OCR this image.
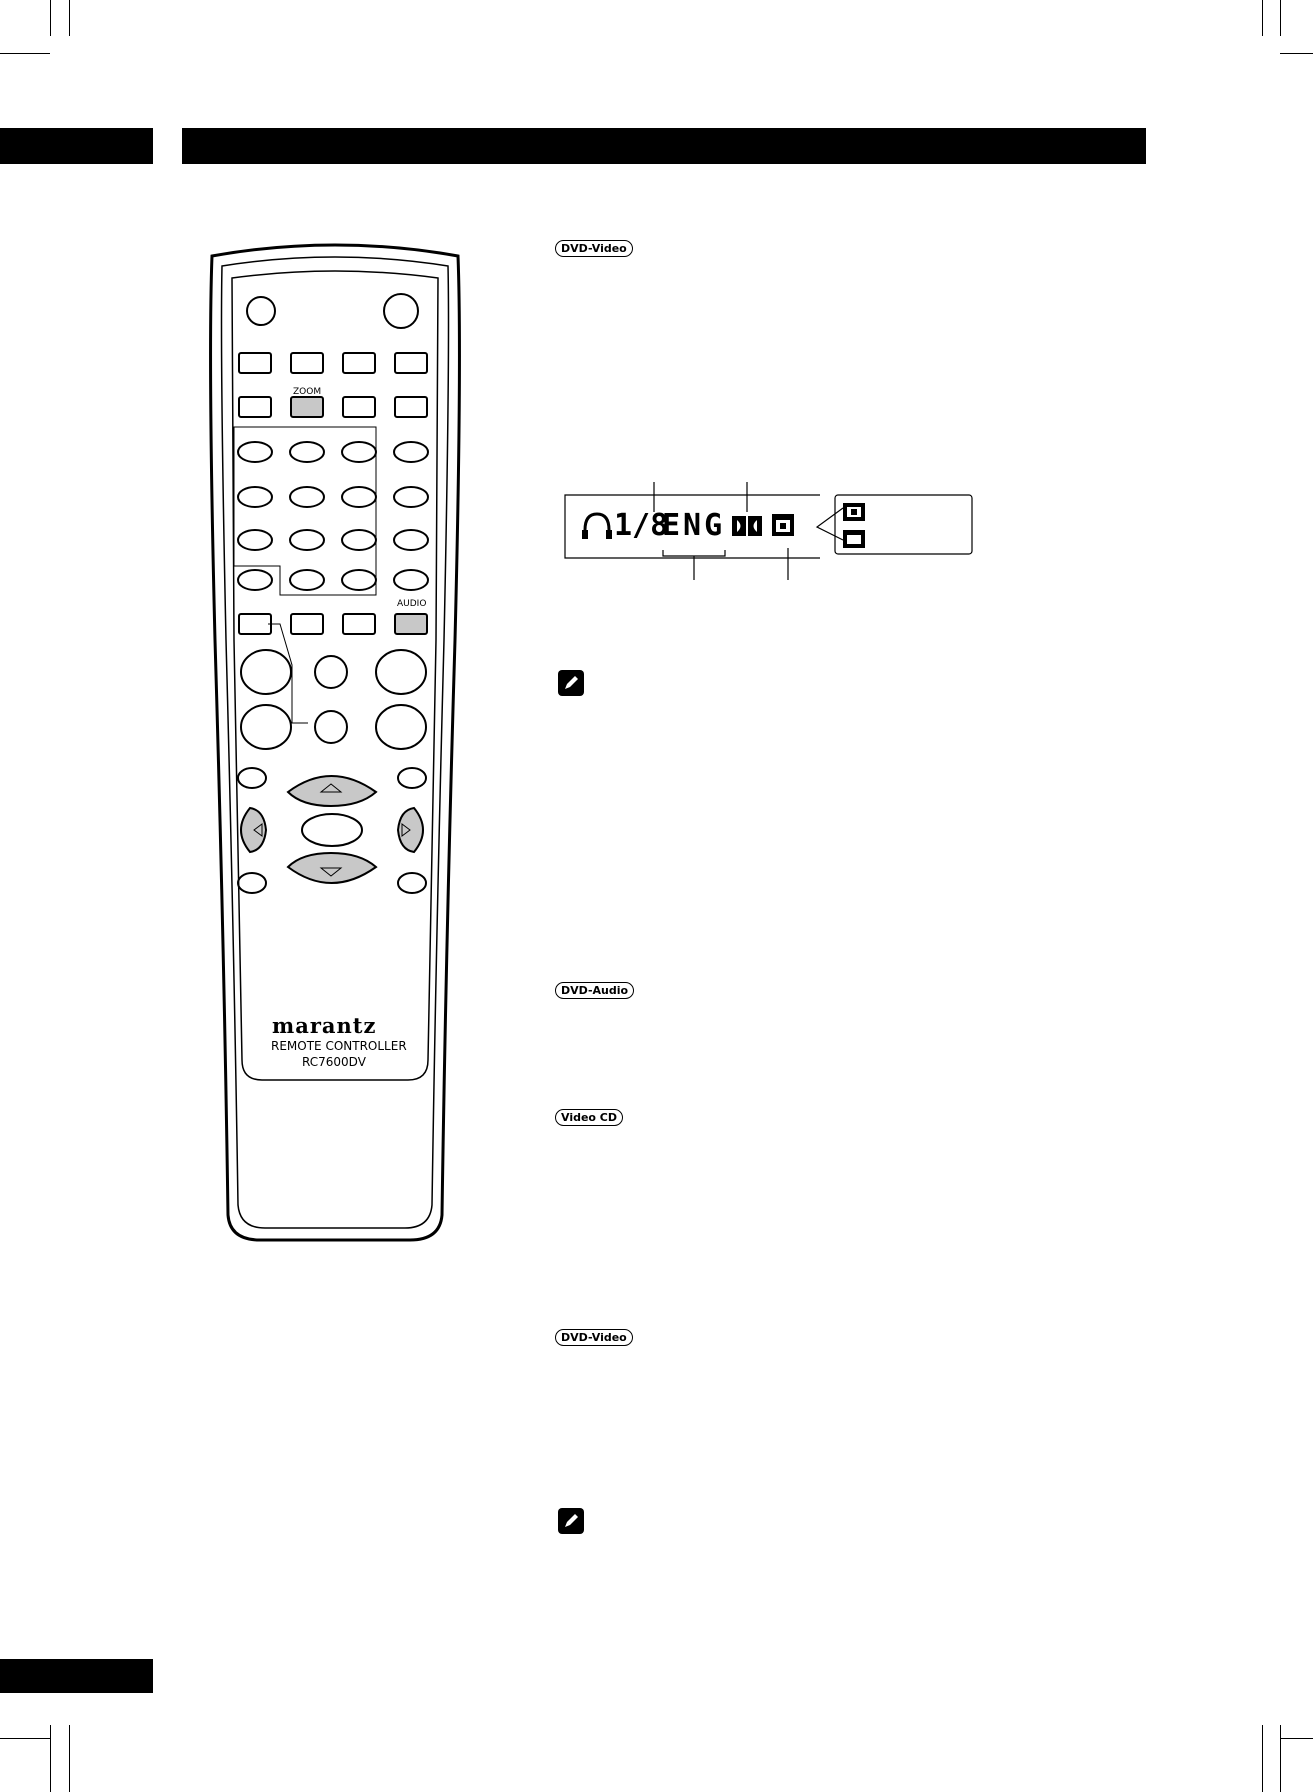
ZOOM
AUDIO
marantz
REMOTE CONTROLLER
RC7600DV
DVD-Video
DVD-Audio
Video CD
DVD-Video
1/8
ENG
